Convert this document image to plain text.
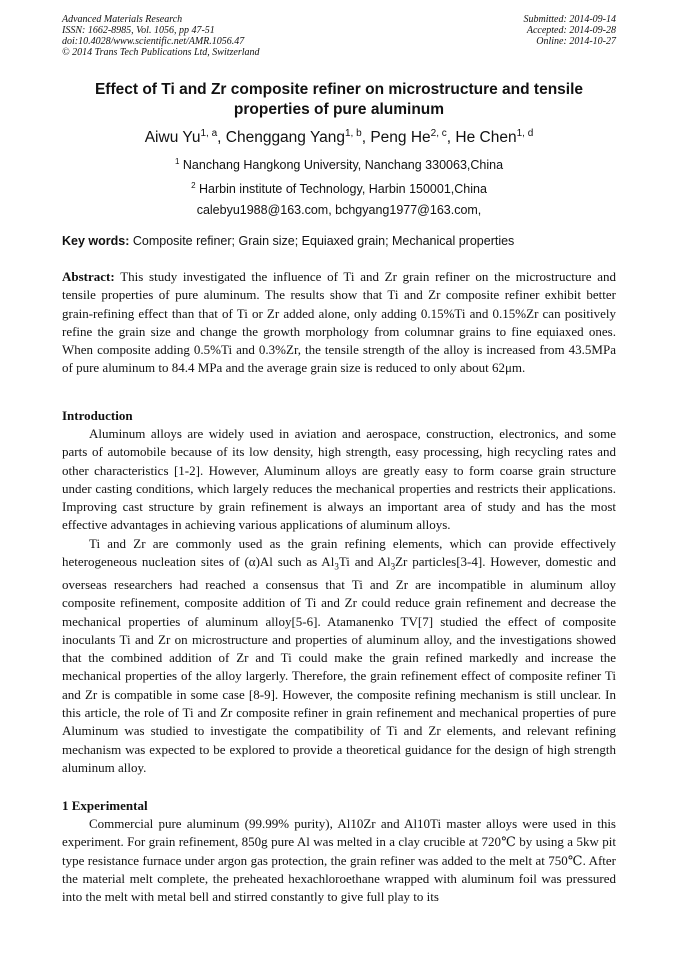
Advanced Materials Research
ISSN: 1662-8985, Vol. 1056, pp 47-51
doi:10.4028/www.scientific.net/AMR.1056.47
© 2014 Trans Tech Publications Ltd, Switzerland
Submitted: 2014-09-14
Accepted: 2014-09-28
Online: 2014-10-27
Effect of Ti and Zr composite refiner on microstructure and tensile
properties of pure aluminum
Aiwu Yu$^{1, a}$, Chenggang Yang$^{1, b}$, Peng He$^{2, c}$, He Chen$^{1, d}$
$^1$ Nanchang Hangkong University, Nanchang 330063,China
$^2$ Harbin institute of Technology, Harbin 150001,China
calebyu1988@163.com, bchgyang1977@163.com,
Key words: Composite refiner; Grain size; Equiaxed grain; Mechanical properties

Abstract: This study investigated the influence of Ti and Zr grain refiner on the microstructure and tensile properties of pure aluminum. The results show that Ti and Zr composite refiner exhibit better grain-refining effect than that of Ti or Zr added alone, only adding 0.15%Ti and 0.15%Zr can positively refine the grain size and change the growth morphology from columnar grains to fine equiaxed ones. When composite adding 0.5%Ti and 0.3%Zr, the tensile strength of the alloy is increased from 43.5MPa of pure aluminum to 84.4 MPa and the average grain size is reduced to only about 62μm.

Introduction

Aluminum alloys are widely used in aviation and aerospace, construction, electronics, and some parts of automobile because of its low density, high strength, easy processing, high recycling rates and other characteristics [1-2]. However, Aluminum alloys are greatly easy to form coarse grain structure under casting conditions, which largely reduces the mechanical properties and restricts their applications. Improving cast structure by grain refinement is always an important area of study and has the most effective advantages in achieving various applications of aluminum alloys.

Ti and Zr are commonly used as the grain refining elements, which can provide effectively heterogeneous nucleation sites of (α)Al such as $Al_3Ti$ and $Al_3Zr$ particles[3-4]. However, domestic and overseas researchers had reached a consensus that Ti and Zr are incompatible in aluminum alloy composite refinement, composite addition of Ti and Zr could reduce grain refinement and decrease the mechanical properties of aluminum alloy[5-6]. Atamanenko TV[7] studied the effect of composite inoculants Ti and Zr on microstructure and properties of aluminum alloy, and the investigations showed that the combined addition of Zr and Ti could make the grain refined markedly and increase the mechanical properties of the alloy largerly. Therefore, the grain refinement effect of composite refiner Ti and Zr is compatible in some case [8-9]. However, the composite refining mechanism is still unclear. In this article, the role of Ti and Zr composite refiner in grain refinement and mechanical properties of pure Aluminum was studied to investigate the compatibility of Ti and Zr elements, and relevant refining mechanism was expected to be explored to provide a theoretical guidance for the design of high strength aluminum alloy.

1 Experimental

Commercial pure aluminum (99.99% purity), Al10Zr and Al10Ti master alloys were used in this experiment. For grain refinement, 850g pure Al was melted in a clay crucible at 720℃ by using a 5kw pit type resistance furnace under argon gas protection, the grain refiner was added to the melt at 750℃. After the material melt complete, the preheated hexachloroethane wrapped with aluminum foil was pressured into the melt with metal bell and stirred constantly to give full play to its
